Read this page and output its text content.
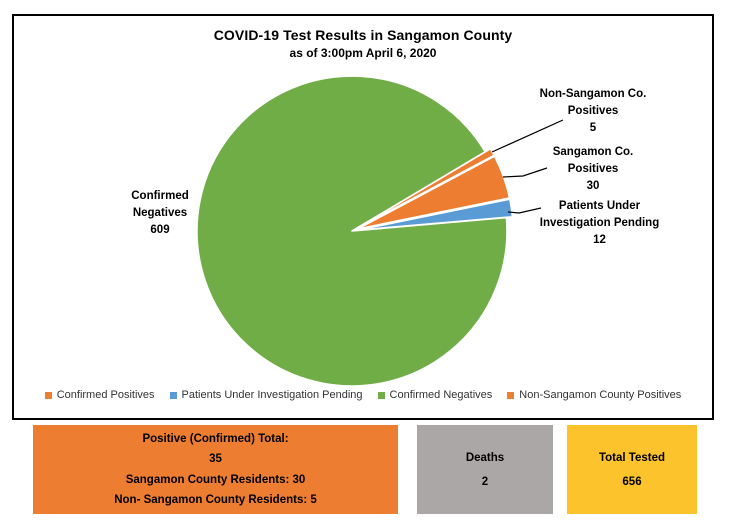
COVID-19 Test Results in Sangamon County
as of 3:00pm April 6, 2020
Confirmed
Negatives
609
Non-Sangamon Co.
Positives
5
Sangamon Co.
Positives
30
Patients Under
Investigation Pending
12
Confirmed Positives Patients Under Investigation Pending Confirmed Negatives Non-Sangamon County Positives
Positive (Confirmed) Total:
35
Sangamon County Residents: 30
Non- Sangamon County Residents: 5
Deaths
2
Total Tested
656
